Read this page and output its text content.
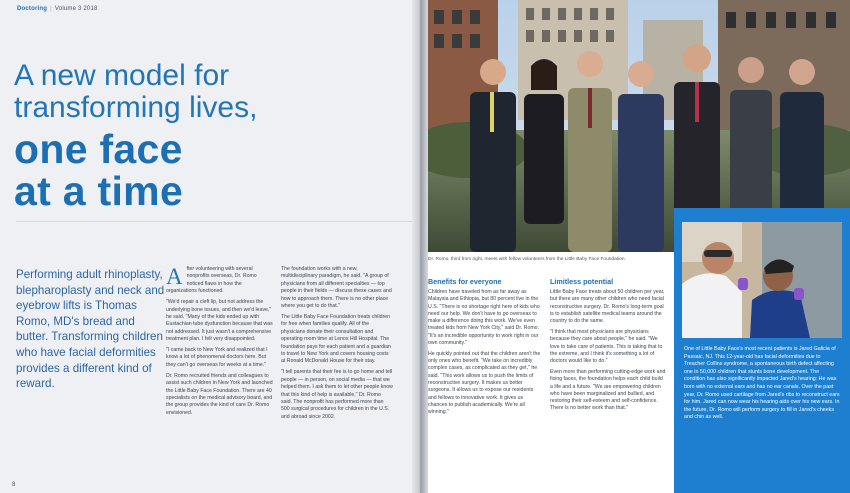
Doctoring | Volume 3 2018
A new model for
transforming lives,
one face
at a time
Performing adult rhinoplasty, blepharoplasty and neck and eyebrow lifts is Thomas Romo, MD's bread and butter. Transforming children who have facial deformities provides a different kind of reward.

After volunteering with several nonprofits overseas, Dr. Romo noticed flaws in how the organizations functioned.

"We'd repair a cleft lip, but not address the underlying bone issues, and then we'd leave," he said. "Many of the kids ended up with Eustachian tube dysfunction because that was not addressed. It just wasn't a comprehensive treatment plan. I felt very disappointed.

"I came back to New York and realized that I know a lot of phenomenal doctors here. But they can't go overseas for weeks at a time."

Dr. Romo recruited friends and colleagues to assist such children in New York and launched the Little Baby Face Foundation. There are 40 specialists on the medical advisory board, and the group provides the kind of care Dr. Romo envisioned.

The foundation works with a new, multidisciplinary paradigm, he said. "A group of physicians from all different specialties — top people in their fields — discuss these cases and how to approach them. There is no other place where you get to do that."

The Little Baby Face Foundation treats children for free when families qualify. All of the physicians donate their consultation and operating room time at Lenox Hill Hospital. The foundation pays for each patient and a guardian to travel to New York and covers housing costs at Ronald McDonald House for their stay.

"I tell parents that their fee is to go home and tell people — in person, on social media — that we helped them. I ask them to let other people know that this kind of help is available," Dr. Romo said. The nonprofit has performed more than 500 surgical procedures for children in the U.S. and abroad since 2002.

8
Dr. Romo, third from right, meets with fellow volunteers from the Little Baby Face Foundation.
Benefits for everyone

Children have traveled from as far away as Malaysia and Ethiopia, but 80 percent live in the U.S. "There is no shortage right here of kids who need our help. We don't have to go overseas to make a difference doing this work. We've even treated kids from New York City," said Dr. Romo. "It's an incredible opportunity to work right in our own community."

He quickly pointed out that the children aren't the only ones who benefit. "We take on incredibly complex cases, as complicated as they get," he said. "This work allows us to push the limits of reconstructive surgery. It makes us better surgeons. It allows us to expose our residents and fellows to innovative work. It gives us chances to publish academically. We're all winning."

Limitless potential

Little Baby Face treats about 50 children per year, but there are many other children who need facial reconstructive surgery. Dr. Romo's long-term goal is to establish satellite medical teams around the country to do the same.

"I think that most physicians are physicians because they care about people," he said. "We love to take care of patients. This is taking that to the extreme, and I think it's something a lot of doctors would like to do."

Even more than performing cutting-edge work and fixing faces, the foundation helps each child build a life and a future. "We are empowering children who have been marginalized and bullied, and restoring their self-esteem and self-confidence. There is no better work than that."

One of Little Baby Face's most recent patients is Jared Galicia of Passaic, NJ. This 12-year-old has facial deformities due to Treacher Collins syndrome, a spontaneous birth defect affecting one in 50,000 children that stunts bone development. The condition has also significantly impacted Jared's hearing: He was born with no external ears and has no ear canals. Over the past year, Dr. Romo used cartilage from Jared's ribs to reconstruct ears for him. Jared can now wear his hearing aids over his new ears. In the future, Dr. Romo will perform surgery to fill in Jared's cheeks and chin as well.
